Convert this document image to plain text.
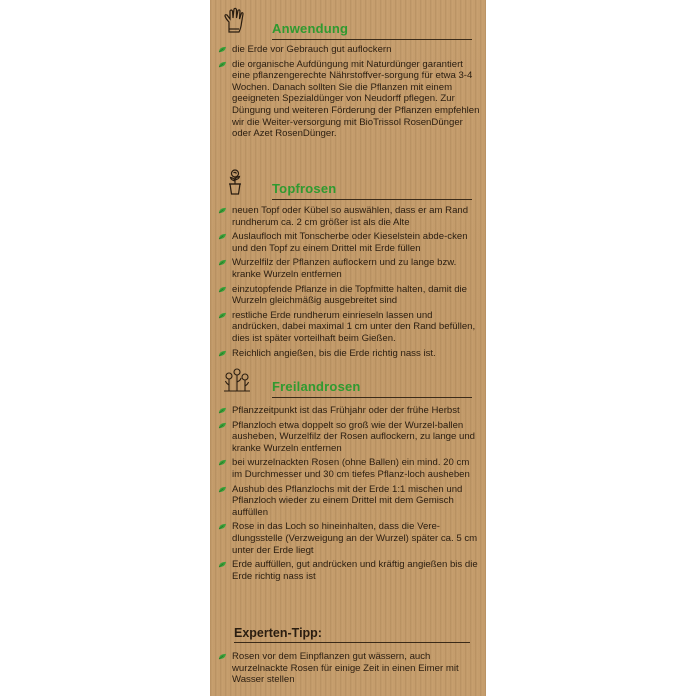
Anwendung
die Erde vor Gebrauch gut auflockern
die organische Aufdüngung mit Naturdünger garantiert eine pflanzengerechte Nährstoffver-sorgung für etwa 3-4 Wochen. Danach sollten Sie die Pflanzen mit einem geeigneten Spezialdünger von Neudorff pflegen. Zur Düngung und weiteren Förderung der Pflanzen empfehlen wir die Weiter-versorgung mit BioTrissol RosenDünger oder Azet RosenDünger.
Topfrosen
neuen Topf oder Kübel so auswählen, dass er am Rand rundherum ca. 2 cm größer ist als die Alte
Auslaufloch mit Tonscherbe oder Kieselstein abde-cken und den Topf zu einem Drittel mit Erde füllen
Wurzelfilz der Pflanzen auflockern und zu lange bzw. kranke Wurzeln entfernen
einzutopfende Pflanze in die Topfmitte halten, damit die Wurzeln gleichmäßig ausgebreitet sind
restliche Erde rundherum einrieseln lassen und andrücken, dabei maximal 1 cm unter den Rand befüllen, dies ist später vorteilhaft beim Gießen.
Reichlich angießen, bis die Erde richtig nass ist.
Freilandrosen
Pflanzzeitpunkt ist das Frühjahr oder der frühe Herbst
Pflanzloch etwa doppelt so groß wie der Wurzel-ballen ausheben, Wurzelfilz der Rosen auflockern, zu lange und kranke Wurzeln entfernen
bei wurzelnackten Rosen (ohne Ballen) ein mind. 20 cm im Durchmesser und 30 cm tiefes Pflanz-loch ausheben
Aushub des Pflanzlochs mit der Erde 1:1 mischen und Pflanzloch wieder zu einem Drittel mit dem Gemisch auffüllen
Rose in das Loch so hineinhalten, dass die Vere-dlungsstelle (Verzweigung an der Wurzel) später ca. 5 cm unter der Erde liegt
Erde auffüllen, gut andrücken und kräftig angießen bis die Erde richtig nass ist
Experten-Tipp:
Rosen vor dem Einpflanzen gut wässern, auch wurzelnackte Rosen für einige Zeit in einen Eimer mit Wasser stellen
